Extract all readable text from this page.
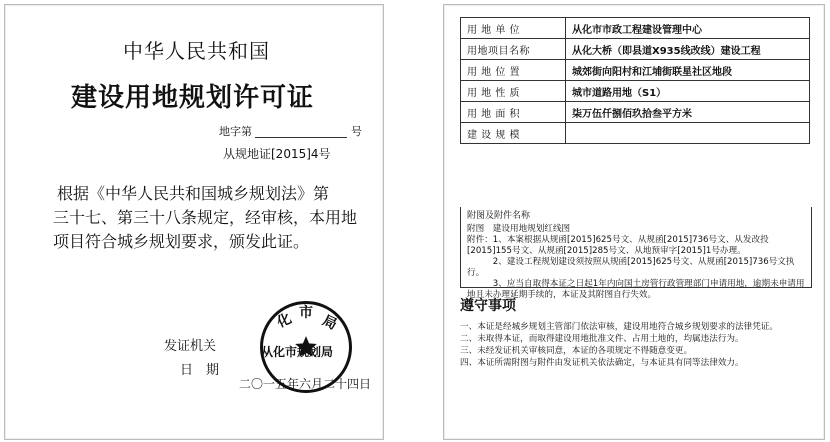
中华人民共和国
建设用地规划许可证
地字第	号
从规地证[2015]4号
根据《中华人民共和国城乡规划法》第
三十七、第三十八条规定，经审核，本用地
项目符合城乡规划要求，颁发此证。
发证机关
日　期
化 市 局
从化市规划局
二〇一五年六月二十四日
用 地 单 位	从化市市政工程建设管理中心
用地项目名称	从化大桥（即县道X935线改线）建设工程
用 地 位 置	城郊街向阳村和江埔街联星社区地段
用 地 性 质	城市道路用地（S1）
用 地 面 积	柒万伍仟捌佰玖拾叁平方米
建 设 规 模	
附图及附件名称
附图　建设用地规划红线图
附件：1、本案根据从规函[2015]625号文、从规函[2015]736号文、从发改投[2015]155号文、从规函[2015]285号文、从地预审字[2015]1号办理。
　　　2、建设工程规划建设须按照从规函[2015]625号文、从规函[2015]736号文执行。
　　　3、应当自取得本证之日起1年内向国土房管行政管理部门申请用地，逾期未申请用地且未办理延期手续的，本证及其附图自行失效。
遵守事项
一、本证是经城乡规划主管部门依法审核，建设用地符合城乡规划要求的法律凭证。
二、未取得本证，而取得建设用地批准文件、占用土地的，均属违法行为。
三、未经发证机关审核同意，本证的各项规定不得随意变更。
四、本证所需附图与附件由发证机关依法确定，与本证具有同等法律效力。
